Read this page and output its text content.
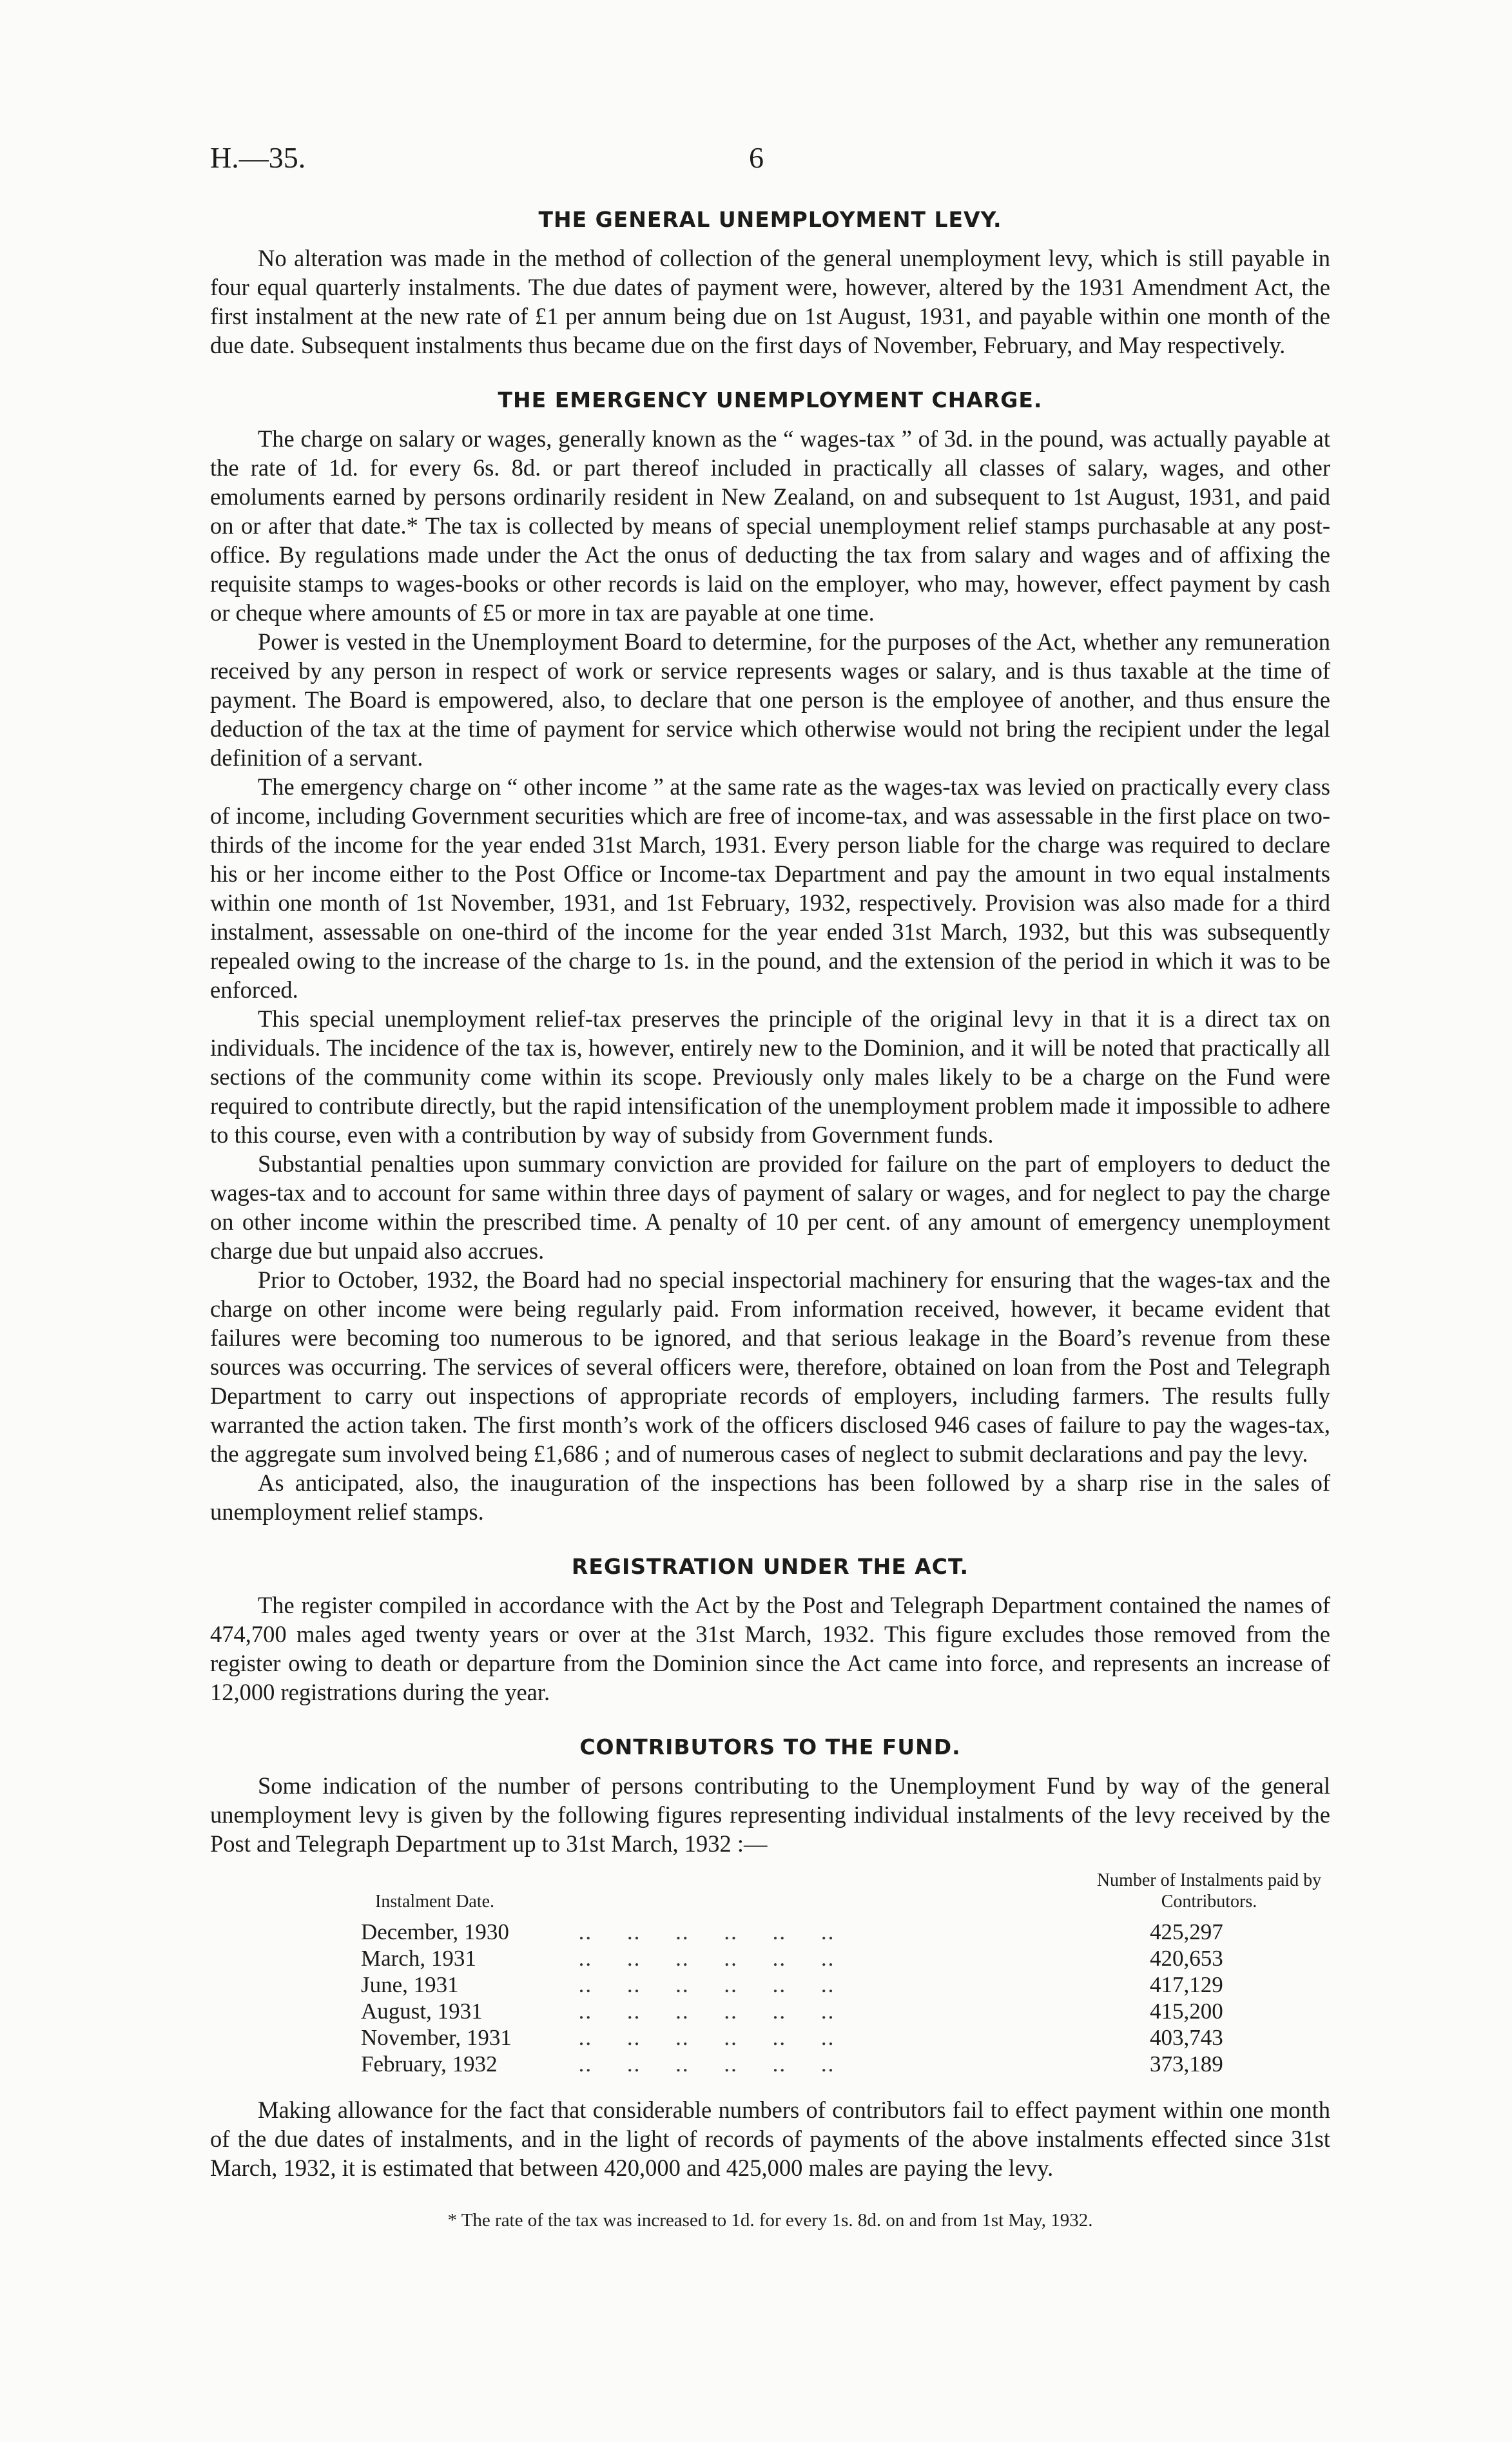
H.—35.	6
THE GENERAL UNEMPLOYMENT LEVY.

No alteration was made in the method of collection of the general unemployment levy, which is still payable in four equal quarterly instalments. The due dates of payment were, however, altered by the 1931 Amendment Act, the first instalment at the new rate of £1 per annum being due on 1st August, 1931, and payable within one month of the due date. Subsequent instalments thus became due on the first days of November, February, and May respectively.

THE EMERGENCY UNEMPLOYMENT CHARGE.

The charge on salary or wages, generally known as the “ wages-tax ” of 3d. in the pound, was actually payable at the rate of 1d. for every 6s. 8d. or part thereof included in practically all classes of salary, wages, and other emoluments earned by persons ordinarily resident in New Zealand, on and subsequent to 1st August, 1931, and paid on or after that date.* The tax is collected by means of special unemployment relief stamps purchasable at any post-office. By regulations made under the Act the onus of deducting the tax from salary and wages and of affixing the requisite stamps to wages-books or other records is laid on the employer, who may, however, effect payment by cash or cheque where amounts of £5 or more in tax are payable at one time.

Power is vested in the Unemployment Board to determine, for the purposes of the Act, whether any remuneration received by any person in respect of work or service represents wages or salary, and is thus taxable at the time of payment. The Board is empowered, also, to declare that one person is the employee of another, and thus ensure the deduction of the tax at the time of payment for service which otherwise would not bring the recipient under the legal definition of a servant.

The emergency charge on “ other income ” at the same rate as the wages-tax was levied on practically every class of income, including Government securities which are free of income-tax, and was assessable in the first place on two-thirds of the income for the year ended 31st March, 1931. Every person liable for the charge was required to declare his or her income either to the Post Office or Income-tax Department and pay the amount in two equal instalments within one month of 1st November, 1931, and 1st February, 1932, respectively. Provision was also made for a third instalment, assessable on one-third of the income for the year ended 31st March, 1932, but this was subsequently repealed owing to the increase of the charge to 1s. in the pound, and the extension of the period in which it was to be enforced.

This special unemployment relief-tax preserves the principle of the original levy in that it is a direct tax on individuals. The incidence of the tax is, however, entirely new to the Dominion, and it will be noted that practically all sections of the community come within its scope. Previously only males likely to be a charge on the Fund were required to contribute directly, but the rapid intensification of the unemployment problem made it impossible to adhere to this course, even with a contribution by way of subsidy from Government funds.

Substantial penalties upon summary conviction are provided for failure on the part of employers to deduct the wages-tax and to account for same within three days of payment of salary or wages, and for neglect to pay the charge on other income within the prescribed time. A penalty of 10 per cent. of any amount of emergency unemployment charge due but unpaid also accrues.

Prior to October, 1932, the Board had no special inspectorial machinery for ensuring that the wages-tax and the charge on other income were being regularly paid. From information received, however, it became evident that failures were becoming too numerous to be ignored, and that serious leakage in the Board’s revenue from these sources was occurring. The services of several officers were, therefore, obtained on loan from the Post and Telegraph Department to carry out inspections of appropriate records of employers, including farmers. The results fully warranted the action taken. The first month’s work of the officers disclosed 946 cases of failure to pay the wages-tax, the aggregate sum involved being £1,686 ; and of numerous cases of neglect to submit declarations and pay the levy.

As anticipated, also, the inauguration of the inspections has been followed by a sharp rise in the sales of unemployment relief stamps.

REGISTRATION UNDER THE ACT.

The register compiled in accordance with the Act by the Post and Telegraph Department contained the names of 474,700 males aged twenty years or over at the 31st March, 1932. This figure excludes those removed from the register owing to death or departure from the Dominion since the Act came into force, and represents an increase of 12,000 registrations during the year.

CONTRIBUTORS TO THE FUND.

Some indication of the number of persons contributing to the Unemployment Fund by way of the general unemployment levy is given by the following figures representing individual instalments of the levy received by the Post and Telegraph Department up to 31st March, 1932 :—

Instalment Date.		Number of Instalments paid by Contributors.
December, 1930	..     ..     ..     ..     ..     ..	425,297
March, 1931	..     ..     ..     ..     ..     ..	420,653
June, 1931	..     ..     ..     ..     ..     ..	417,129
August, 1931	..     ..     ..     ..     ..     ..	415,200
November, 1931	..     ..     ..     ..     ..     ..	403,743
February, 1932	..     ..     ..     ..     ..     ..	373,189

Making allowance for the fact that considerable numbers of contributors fail to effect payment within one month of the due dates of instalments, and in the light of records of payments of the above instalments effected since 31st March, 1932, it is estimated that between 420,000 and 425,000 males are paying the levy.

* The rate of the tax was increased to 1d. for every 1s. 8d. on and from 1st May, 1932.
